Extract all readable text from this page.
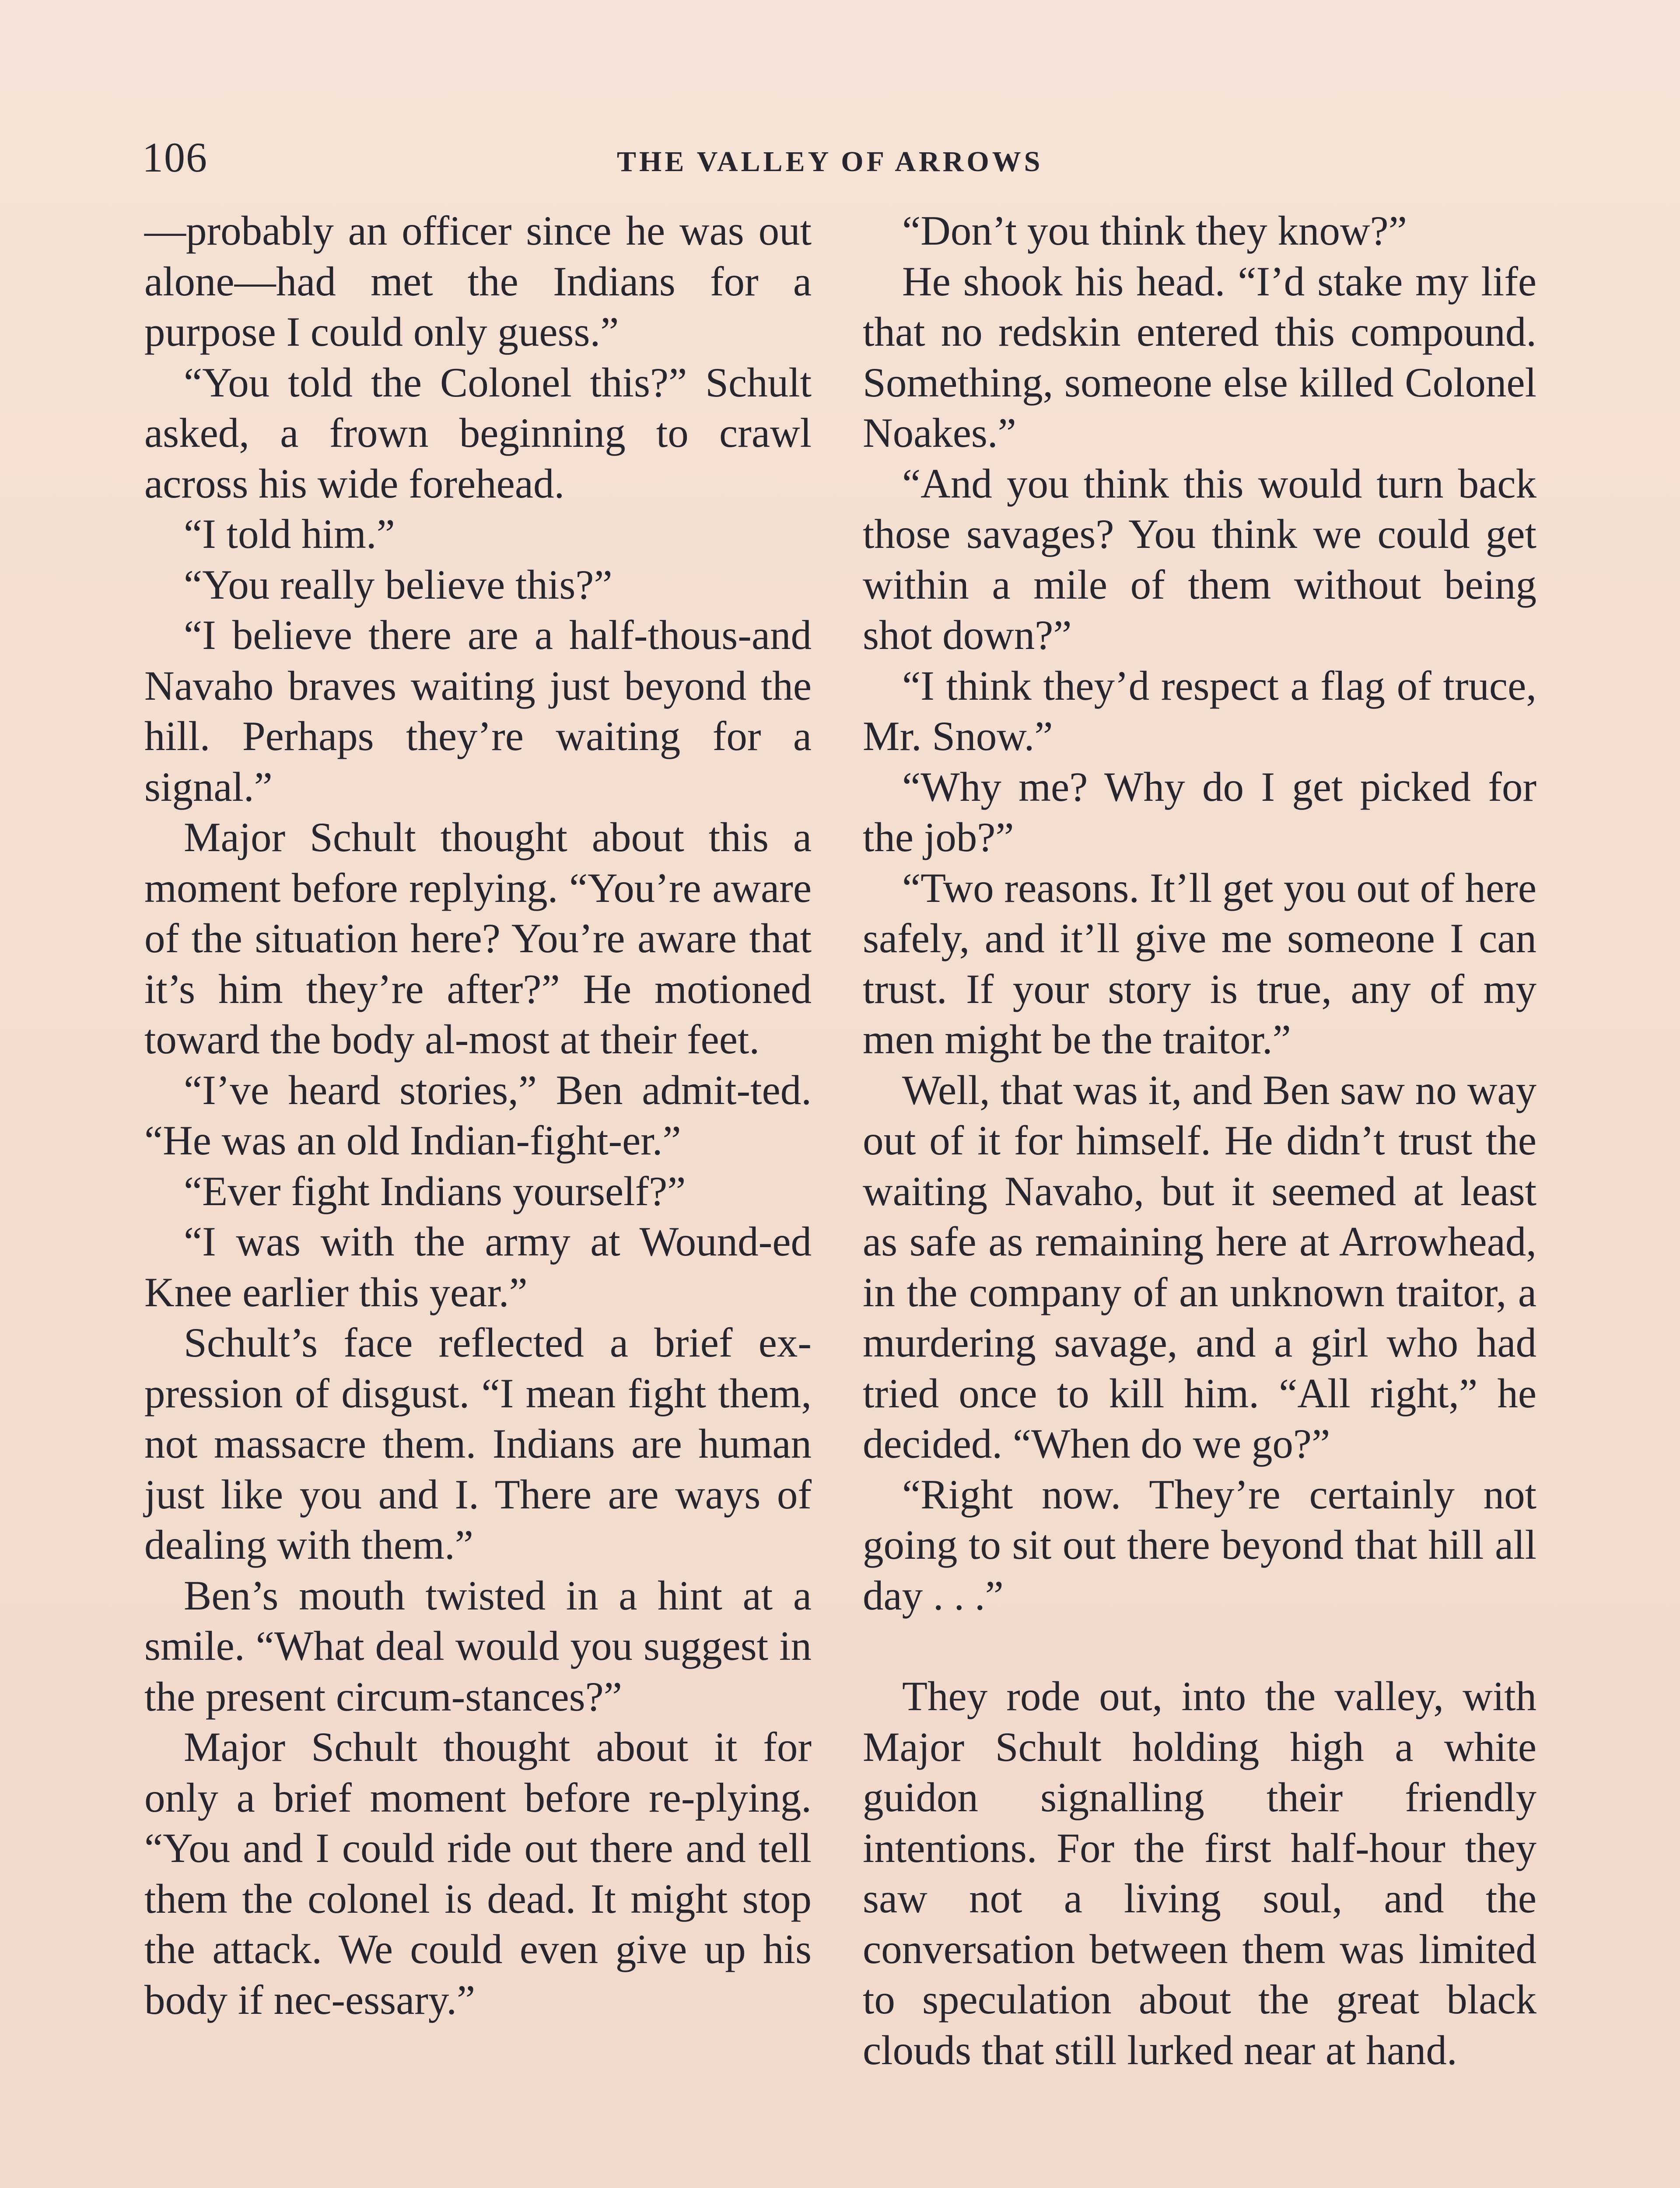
106	THE VALLEY OF ARROWS

—probably an officer since he was out alone—had met the Indians for a purpose I could only guess.”

“You told the Colonel this?” Schult asked, a frown beginning to crawl across his wide forehead.

“I told him.”

“You really believe this?”

“I believe there are a half-thous-and Navaho braves waiting just beyond the hill. Perhaps they’re waiting for a signal.”

Major Schult thought about this a moment before replying. “You’re aware of the situation here? You’re aware that it’s him they’re after?” He motioned toward the body al-most at their feet.

“I’ve heard stories,” Ben admit-ted. “He was an old Indian-fight-er.”

“Ever fight Indians yourself?”

“I was with the army at Wound-ed Knee earlier this year.”

Schult’s face reflected a brief ex-pression of disgust. “I mean fight them, not massacre them. Indians are human just like you and I. There are ways of dealing with them.”

Ben’s mouth twisted in a hint at a smile. “What deal would you suggest in the present circum-stances?”

Major Schult thought about it for only a brief moment before re-plying. “You and I could ride out there and tell them the colonel is dead. It might stop the attack. We could even give up his body if nec-essary.”

“Don’t you think they know?”

He shook his head. “I’d stake my life that no redskin entered this compound. Something, someone else killed Colonel Noakes.”

“And you think this would turn back those savages? You think we could get within a mile of them without being shot down?”

“I think they’d respect a flag of truce, Mr. Snow.”

“Why me? Why do I get picked for the job?”

“Two reasons. It’ll get you out of here safely, and it’ll give me someone I can trust. If your story is true, any of my men might be the traitor.”

Well, that was it, and Ben saw no way out of it for himself. He didn’t trust the waiting Navaho, but it seemed at least as safe as remaining here at Arrowhead, in the company of an unknown traitor, a murdering savage, and a girl who had tried once to kill him. “All right,” he decided. “When do we go?”

“Right now. They’re certainly not going to sit out there beyond that hill all day . . .”

They rode out, into the valley, with Major Schult holding high a white guidon signalling their friendly intentions. For the first half-hour they saw not a living soul, and the conversation between them was limited to speculation about the great black clouds that still lurked near at hand.
